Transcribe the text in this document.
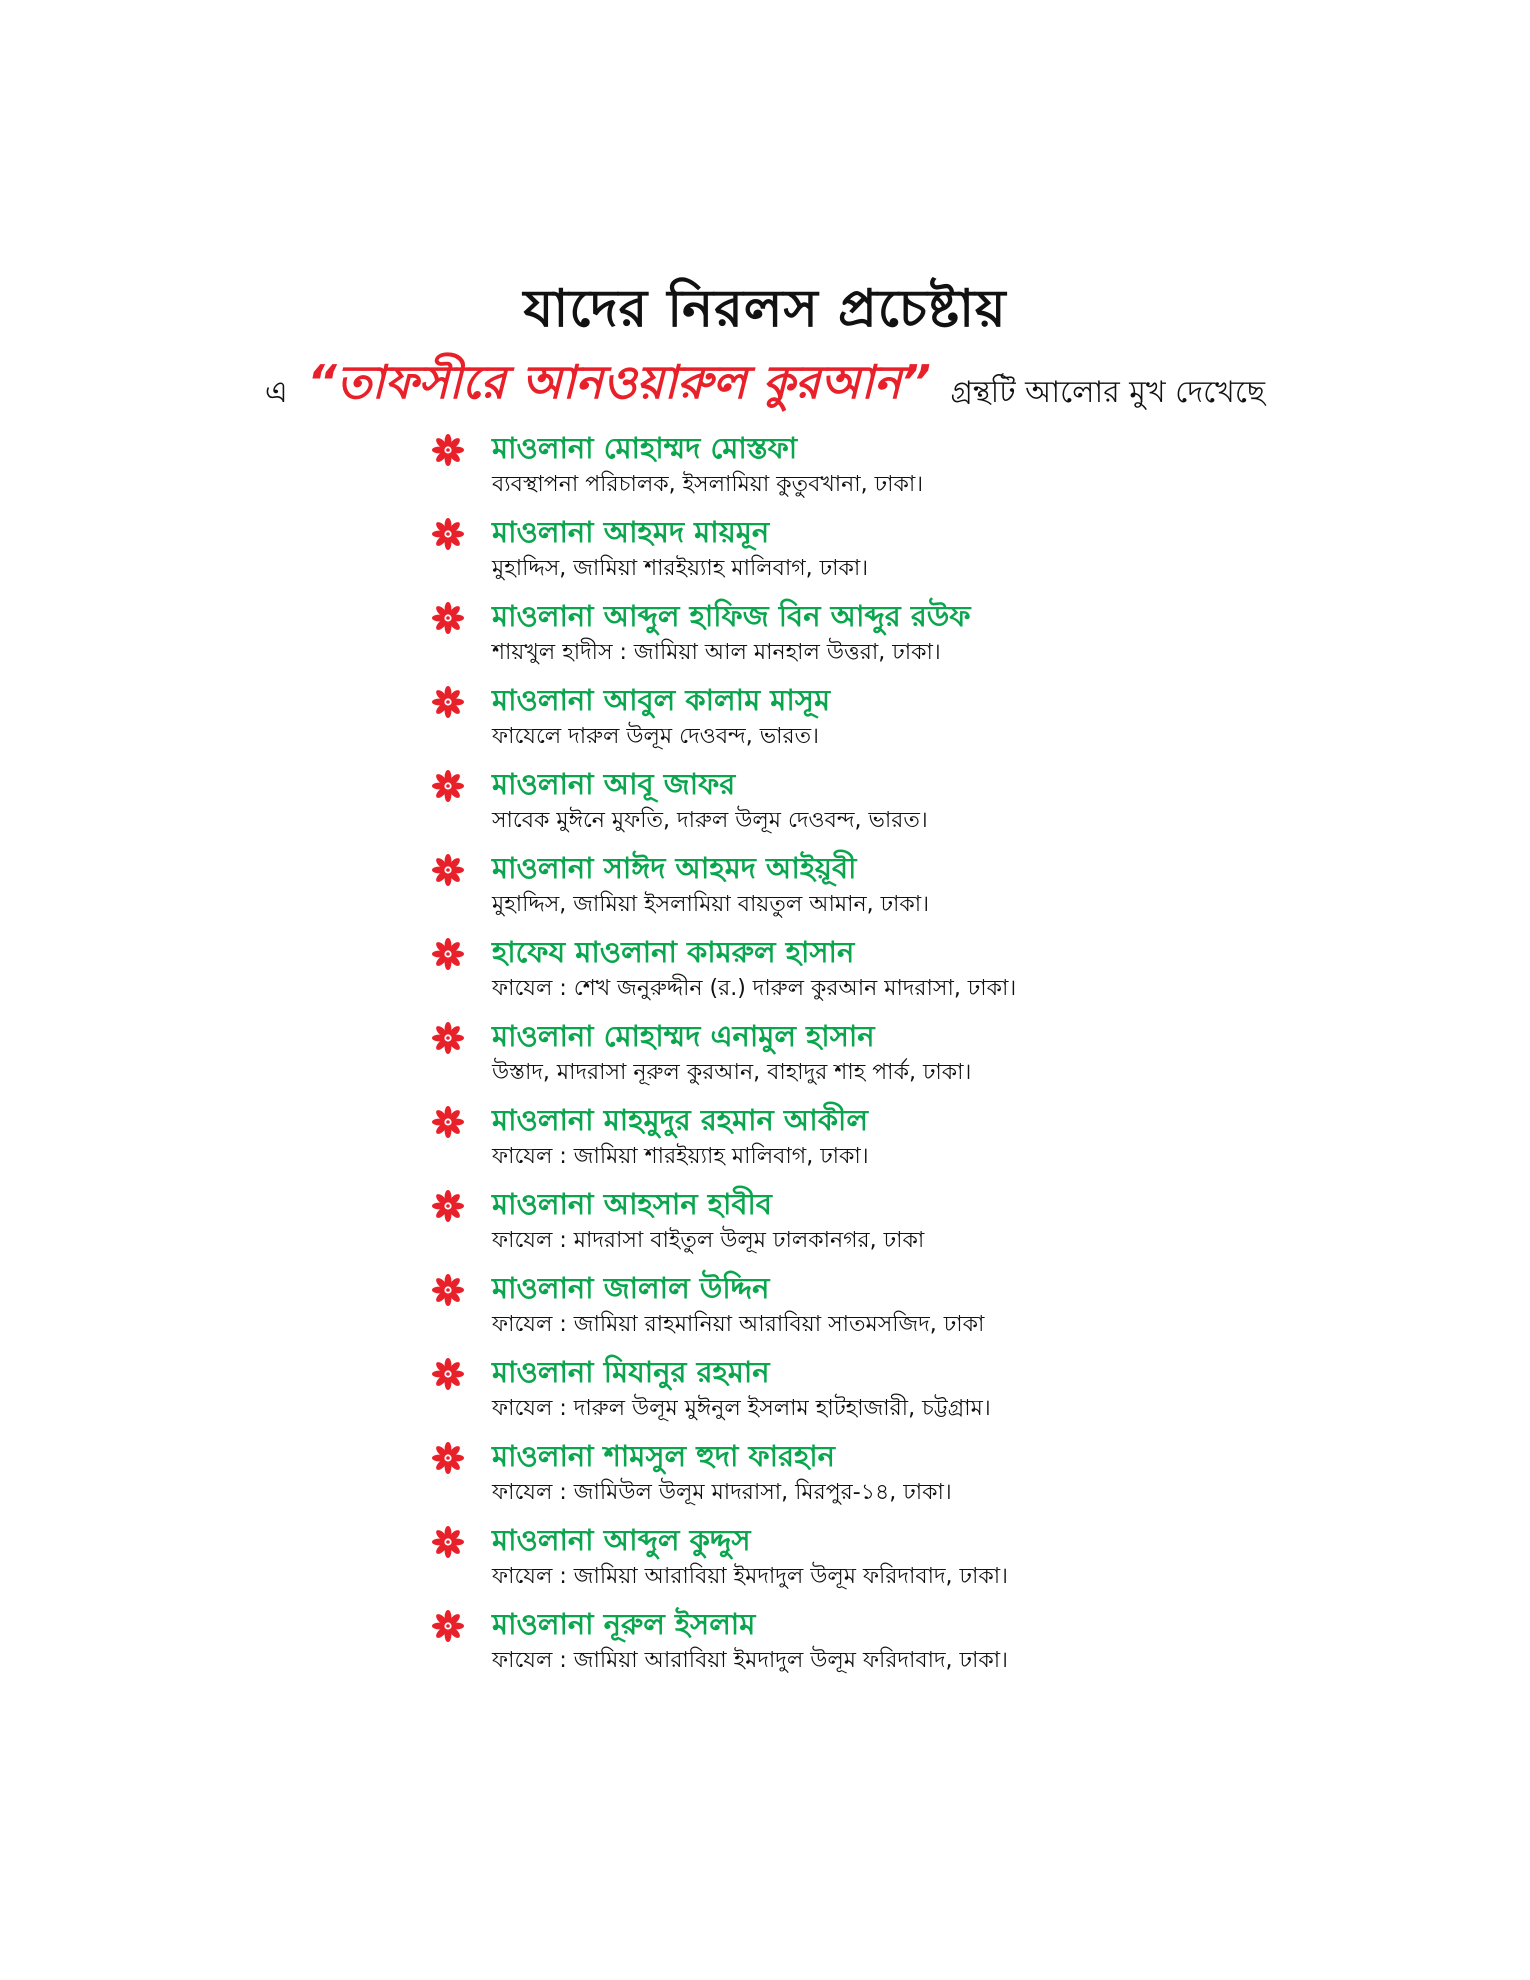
যাদের নিরলস প্রচেষ্টায়
এ “তাফসীরে আনওয়ারুল কুরআন” গ্রন্থটি আলোর মুখ দেখেছে
মাওলানা মোহাম্মদ মোস্তফা
ব্যবস্থাপনা পরিচালক, ইসলামিয়া কুতুবখানা, ঢাকা।
মাওলানা আহমদ মায়মূন
মুহাদ্দিস, জামিয়া শারইয়্যাহ মালিবাগ, ঢাকা।
মাওলানা আব্দুল হাফিজ বিন আব্দুর রউফ
শায়খুল হাদীস : জামিয়া আল মানহাল উত্তরা, ঢাকা।
মাওলানা আবুল কালাম মাসূম
ফাযেলে দারুল উলূম দেওবন্দ, ভারত।
মাওলানা আবূ জাফর
সাবেক মুঈনে মুফতি, দারুল উলূম দেওবন্দ, ভারত।
মাওলানা সাঈদ আহমদ আইয়ূবী
মুহাদ্দিস, জামিয়া ইসলামিয়া বায়তুল আমান, ঢাকা।
হাফেয মাওলানা কামরুল হাসান
ফাযেল : শেখ জনুরুদ্দীন (র.) দারুল কুরআন মাদরাসা, ঢাকা।
মাওলানা মোহাম্মদ এনামুল হাসান
উস্তাদ, মাদরাসা নূরুল কুরআন, বাহাদুর শাহ পার্ক, ঢাকা।
মাওলানা মাহমুদুর রহমান আকীল
ফাযেল : জামিয়া শারইয়্যাহ মালিবাগ, ঢাকা।
মাওলানা আহসান হাবীব
ফাযেল : মাদরাসা বাইতুল উলূম ঢালকানগর, ঢাকা
মাওলানা জালাল উদ্দিন
ফাযেল : জামিয়া রাহমানিয়া আরাবিয়া সাতমসজিদ, ঢাকা
মাওলানা মিযানুর রহমান
ফাযেল : দারুল উলূম মুঈনুল ইসলাম হাটহাজারী, চট্টগ্রাম।
মাওলানা শামসুল হুদা ফারহান
ফাযেল : জামিউল উলূম মাদরাসা, মিরপুর-১৪, ঢাকা।
মাওলানা আব্দুল কুদ্দুস
ফাযেল : জামিয়া আরাবিয়া ইমদাদুল উলূম ফরিদাবাদ, ঢাকা।
মাওলানা নূরুল ইসলাম
ফাযেল : জামিয়া আরাবিয়া ইমদাদুল উলূম ফরিদাবাদ, ঢাকা।
